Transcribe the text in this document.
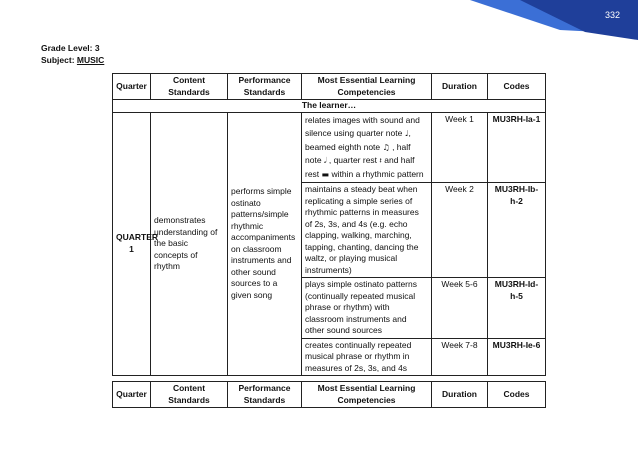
332
Grade Level: 3
Subject: MUSIC
Quarter	Content Standards	Performance Standards	Most Essential Learning Competencies	Duration	Codes
The learner…					
QUARTER 1	demonstrates understanding of the basic concepts of rhythm	performs simple ostinato patterns/simple rhythmic accompaniments on classroom instruments and other sound sources to a given song	relates images with sound and silence using quarter note ♩, beamed eighth note ♫ , half note 𝅗𝅥 , quarter rest 𝄽 and half rest ▬ within a rhythmic pattern	Week 1	MU3RH-Ia-1
			maintains a steady beat when replicating a simple series of rhythmic patterns in measures of 2s, 3s, and 4s (e.g. echo clapping, walking, marching, tapping, chanting, dancing the waltz, or playing musical instruments)	Week 2	MU3RH-Ib-h-2
			plays simple ostinato patterns (continually repeated musical phrase or rhythm) with classroom instruments and other sound sources	Week 5-6	MU3RH-Id-h-5
			creates continually repeated musical phrase or rhythm in measures of 2s, 3s, and 4s	Week 7-8	MU3RH-Ie-6
Quarter	Content Standards	Performance Standards	Most Essential Learning Competencies	Duration	Codes
